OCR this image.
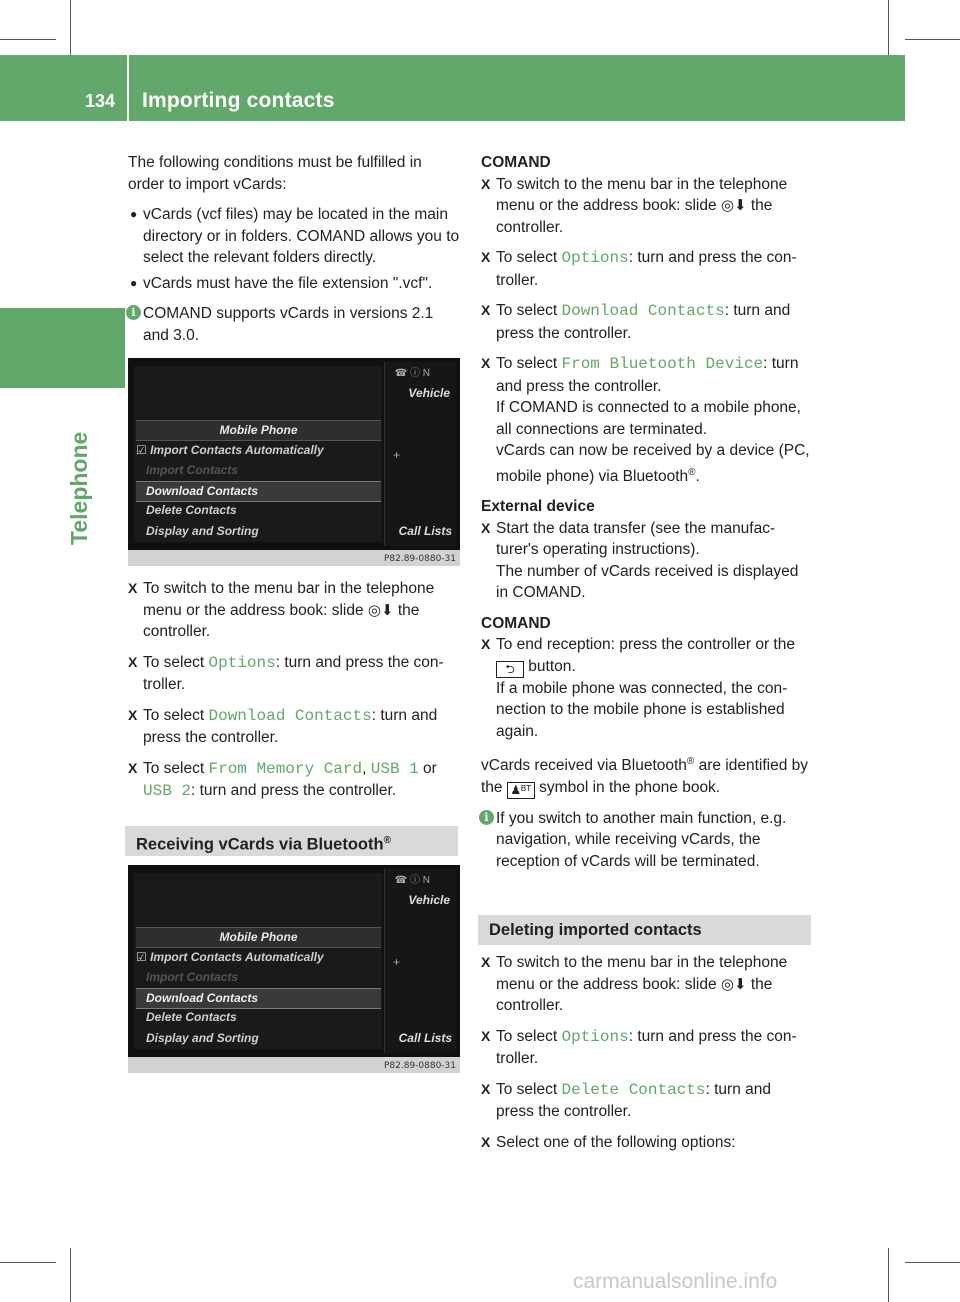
134 Importing contacts
Telephone

The following conditions must be fulfilled in order to import vCards:

● vCards (vcf files) may be located in the main directory or in folders. COMAND allows you to select the relevant folders directly.
● vCards must have the file extension ".vcf".
i COMAND supports vCards in versions 2.1 and 3.0.
☎ ⓘ N
Vehicle
+
Mobile Phone
☑ Import Contacts Automatically
Import Contacts
Download Contacts
Delete Contacts
Display and Sorting	Call Lists
P82.89-0880-31
X To switch to the menu bar in the telephone menu or the address book: slide ◎⬇ the controller.
X To select Options: turn and press the con- troller.
X To select Download Contacts: turn and press the controller.
X To select From Memory Card, USB 1 or USB 2: turn and press the controller.
Receiving vCards via Bluetooth®
☎ ⓘ N
Vehicle
+
Mobile Phone
☑ Import Contacts Automatically
Import Contacts
Download Contacts
Delete Contacts
Display and Sorting	Call Lists
P82.89-0880-31

COMAND

X To switch to the menu bar in the telephone menu or the address book: slide ◎⬇ the controller.
X To select Options: turn and press the con- troller.
X To select Download Contacts: turn and press the controller.
X To select From Bluetooth Device: turn and press the controller.
If COMAND is connected to a mobile phone, all connections are terminated.
vCards can now be received by a device (PC, mobile phone) via Bluetooth®.

External device

X Start the data transfer (see the manufac- turer's operating instructions).
The number of vCards received is displayed in COMAND.

COMAND

X To end reception: press the controller or the ⮌ button.
If a mobile phone was connected, the con- nection to the mobile phone is established again.

vCards received via Bluetooth® are identified by the ♟ᴮᵀ symbol in the phone book.

i If you switch to another main function, e.g. navigation, while receiving vCards, the reception of vCards will be terminated.
Deleting imported contacts
X To switch to the menu bar in the telephone menu or the address book: slide ◎⬇ the controller.
X To select Options: turn and press the con- troller.
X To select Delete Contacts: turn and press the controller.
X Select one of the following options:
carmanualsonline.info
